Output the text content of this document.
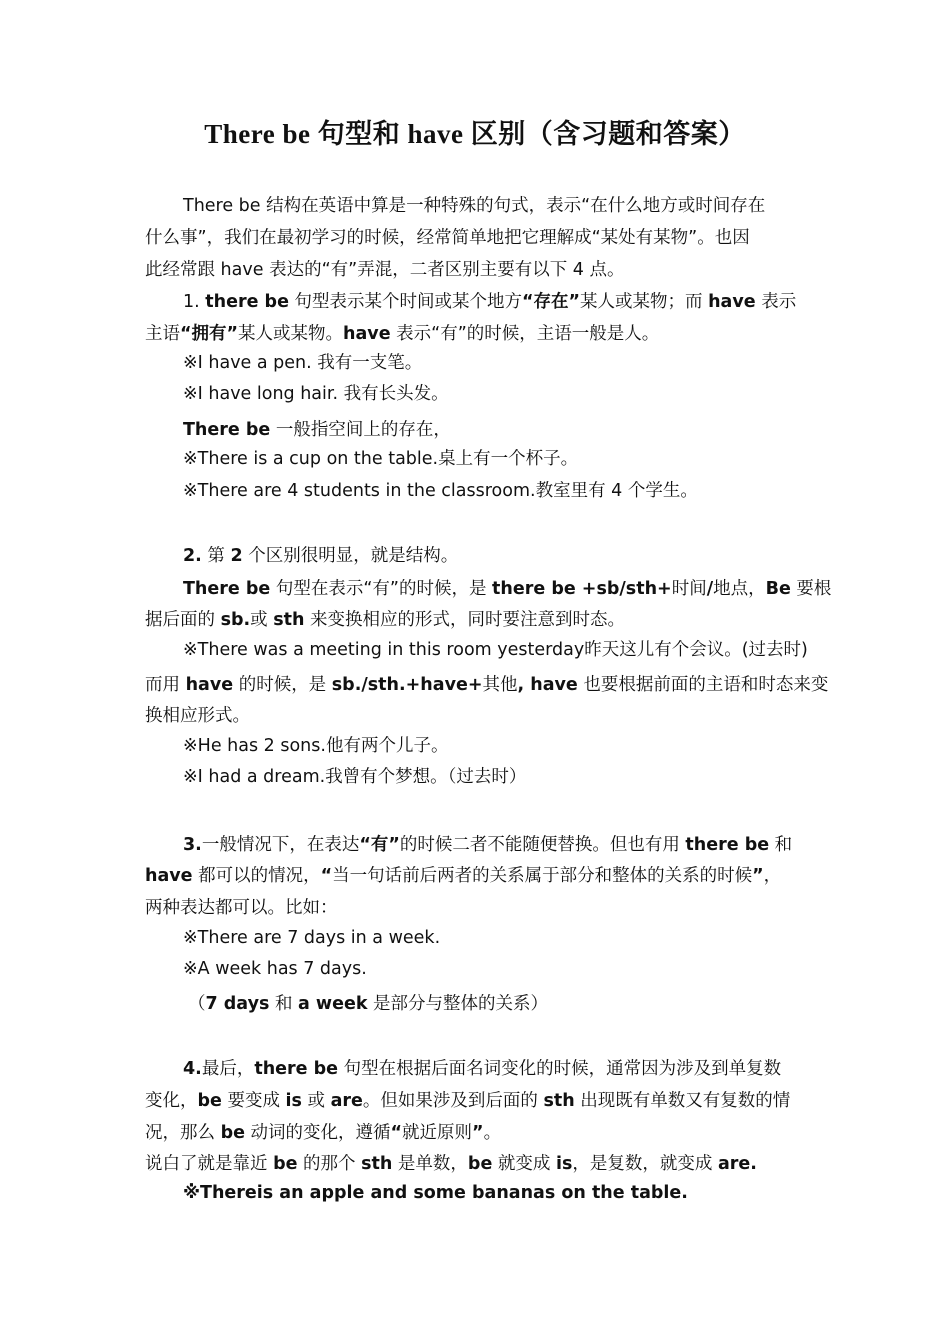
There be 句型和 have 区别（含习题和答案）
There be 结构在英语中算是一种特殊的句式，表示“在什么地方或时间存在
什么事”，我们在最初学习的时候，经常简单地把它理解成“某处有某物”。也因
此经常跟 have 表达的“有”弄混，二者区别主要有以下 4 点。
1. there be 句型表示某个时间或某个地方“存在”某人或某物；而 have 表示
主语“拥有”某人或某物。have 表示“有”的时候，主语一般是人。
※I have a pen. 我有一支笔。
※I have long hair. 我有长头发。
There be 一般指空间上的存在，
※There is a cup on the table.桌上有一个杯子。
※There are 4 students in the classroom.教室里有 4 个学生。
2. 第 2 个区别很明显，就是结构。
There be 句型在表示“有”的时候，是 there be +sb/sth+时间/地点，Be 要根
据后面的 sb.或 sth 来变换相应的形式，同时要注意到时态。
※There was a meeting in this room yesterday昨天这儿有个会议。(过去时)
而用 have 的时候，是 sb./sth.+have+其他, have 也要根据前面的主语和时态来变
换相应形式。
※He has 2 sons.他有两个儿子。
※I had a dream.我曾有个梦想。（过去时）
3.一般情况下，在表达“有”的时候二者不能随便替换。但也有用 there be 和
have 都可以的情况，“当一句话前后两者的关系属于部分和整体的关系的时候”，
两种表达都可以。比如：
※There are 7 days in a week.
※A week has 7 days.
（7 days 和 a week 是部分与整体的关系）
4.最后，there be 句型在根据后面名词变化的时候，通常因为涉及到单复数
变化，be 要变成 is 或 are。但如果涉及到后面的 sth 出现既有单数又有复数的情
况，那么 be 动词的变化，遵循“就近原则”。
说白了就是靠近 be 的那个 sth 是单数，be 就变成 is，是复数，就变成 are.
※Thereis an apple and some bananas on the table.
